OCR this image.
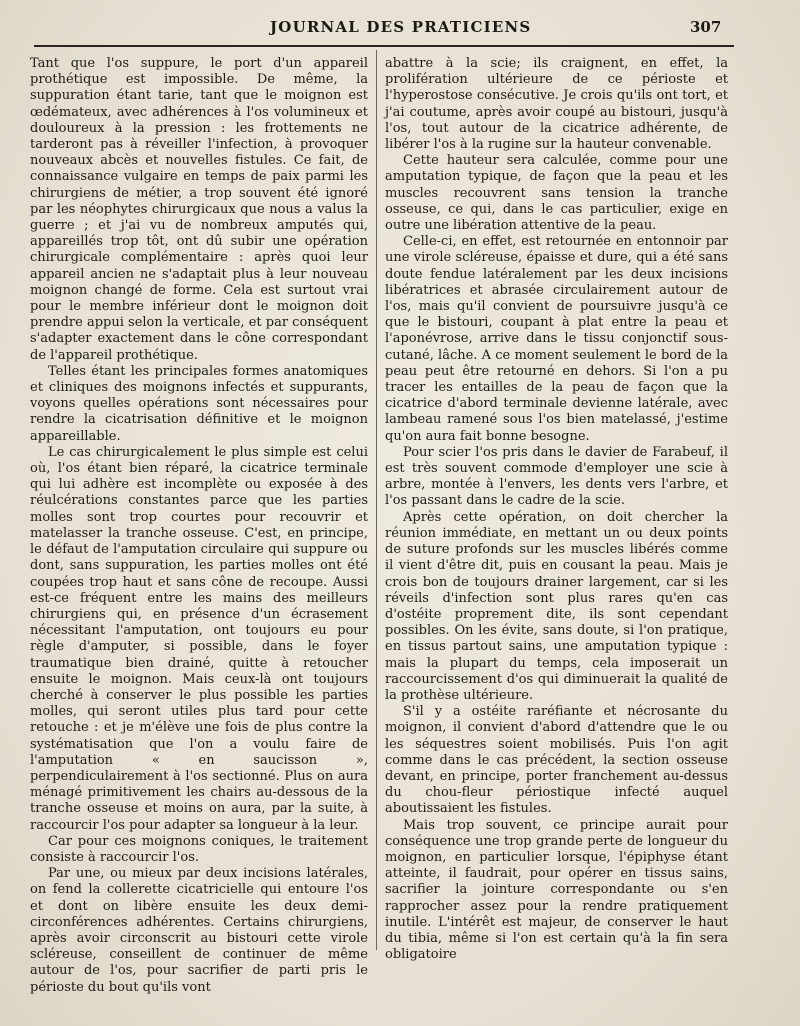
JOURNAL DES PRATICIENS	307

Tant que l'os suppure, le port d'un appareil prothétique est impossible. De même, la suppuration étant tarie, tant que le moignon est œdémateux, avec adhérences à l'os volumineux et douloureux à la pression : les frottements ne tarderont pas à réveiller l'infection, à provoquer nouveaux abcès et nouvelles fistules. Ce fait, de connaissance vulgaire en temps de paix parmi les chirurgiens de métier, a trop souvent été ignoré par les néophytes chirurgicaux que nous a valus la guerre ; et j'ai vu de nombreux amputés qui, appareillés trop tôt, ont dû subir une opération chirurgicale complémentaire : après quoi leur appareil ancien ne s'adaptait plus à leur nouveau moignon changé de forme. Cela est surtout vrai pour le membre inférieur dont le moignon doit prendre appui selon la verticale, et par conséquent s'adapter exactement dans le cône correspondant de l'appareil prothétique.

Telles étant les principales formes anatomiques et cliniques des moignons infectés et suppurants, voyons quelles opérations sont nécessaires pour rendre la cicatrisation définitive et le moignon appareillable.

Le cas chirurgicalement le plus simple est celui où, l'os étant bien réparé, la cicatrice terminale qui lui adhère est incomplète ou exposée à des réulcérations constantes parce que les parties molles sont trop courtes pour recouvrir et matelasser la tranche osseuse. C'est, en principe, le défaut de l'amputation circulaire qui suppure ou dont, sans suppuration, les parties molles ont été coupées trop haut et sans cône de recoupe. Aussi est-ce fréquent entre les mains des meilleurs chirurgiens qui, en présence d'un écrasement nécessitant l'amputation, ont toujours eu pour règle d'amputer, si possible, dans le foyer traumatique bien drainé, quitte à retoucher ensuite le moignon. Mais ceux-là ont toujours cherché à conserver le plus possible les parties molles, qui seront utiles plus tard pour cette retouche : et je m'élève une fois de plus contre la systématisation que l'on a voulu faire de l'amputation « en saucisson », perpendiculairement à l'os sectionné. Plus on aura ménagé primitivement les chairs au-dessous de la tranche osseuse et moins on aura, par la suite, à raccourcir l'os pour adapter sa longueur à la leur.

Car pour ces moignons coniques, le traitement consiste à raccourcir l'os.

Par une, ou mieux par deux incisions latérales, on fend la collerette cicatricielle qui entoure l'os et dont on libère ensuite les deux demi-circonférences adhérentes. Certains chirurgiens, après avoir circonscrit au bistouri cette virole scléreuse, conseillent de continuer de même autour de l'os, pour sacrifier de parti pris le périoste du bout qu'ils vont

abattre à la scie; ils craignent, en effet, la prolifération ultérieure de ce périoste et l'hyperostose consécutive. Je crois qu'ils ont tort, et j'ai coutume, après avoir coupé au bistouri, jusqu'à l'os, tout autour de la cicatrice adhérente, de libérer l'os à la rugine sur la hauteur convenable.

Cette hauteur sera calculée, comme pour une amputation typique, de façon que la peau et les muscles recouvrent sans tension la tranche osseuse, ce qui, dans le cas particulier, exige en outre une libération attentive de la peau.

Celle-ci, en effet, est retournée en entonnoir par une virole scléreuse, épaisse et dure, qui a été sans doute fendue latéralement par les deux incisions libératrices et abrasée circulairement autour de l'os, mais qu'il convient de poursuivre jusqu'à ce que le bistouri, coupant à plat entre la peau et l'aponévrose, arrive dans le tissu conjonctif sous-cutané, lâche. A ce moment seulement le bord de la peau peut être retourné en dehors. Si l'on a pu tracer les entailles de la peau de façon que la cicatrice d'abord terminale devienne latérale, avec lambeau ramené sous l'os bien matelassé, j'estime qu'on aura fait bonne besogne.

Pour scier l'os pris dans le davier de Farabeuf, il est très souvent commode d'employer une scie à arbre, montée à l'envers, les dents vers l'arbre, et l'os passant dans le cadre de la scie.

Après cette opération, on doit chercher la réunion immédiate, en mettant un ou deux points de suture profonds sur les muscles libérés comme il vient d'être dit, puis en cousant la peau. Mais je crois bon de toujours drainer largement, car si les réveils d'infection sont plus rares qu'en cas d'ostéite proprement dite, ils sont cependant possibles. On les évite, sans doute, si l'on pratique, en tissus partout sains, une amputation typique : mais la plupart du temps, cela imposerait un raccourcissement d'os qui diminuerait la qualité de la prothèse ultérieure.

S'il y a ostéite raréfiante et nécrosante du moignon, il convient d'abord d'attendre que le ou les séquestres soient mobilisés. Puis l'on agit comme dans le cas précédent, la section osseuse devant, en principe, porter franchement au-dessus du chou-fleur périostique infecté auquel aboutissaient les fistules.

Mais trop souvent, ce principe aurait pour conséquence une trop grande perte de longueur du moignon, en particulier lorsque, l'épiphyse étant atteinte, il faudrait, pour opérer en tissus sains, sacrifier la jointure correspondante ou s'en rapprocher assez pour la rendre pratiquement inutile. L'intérêt est majeur, de conserver le haut du tibia, même si l'on est certain qu'à la fin sera obligatoire
